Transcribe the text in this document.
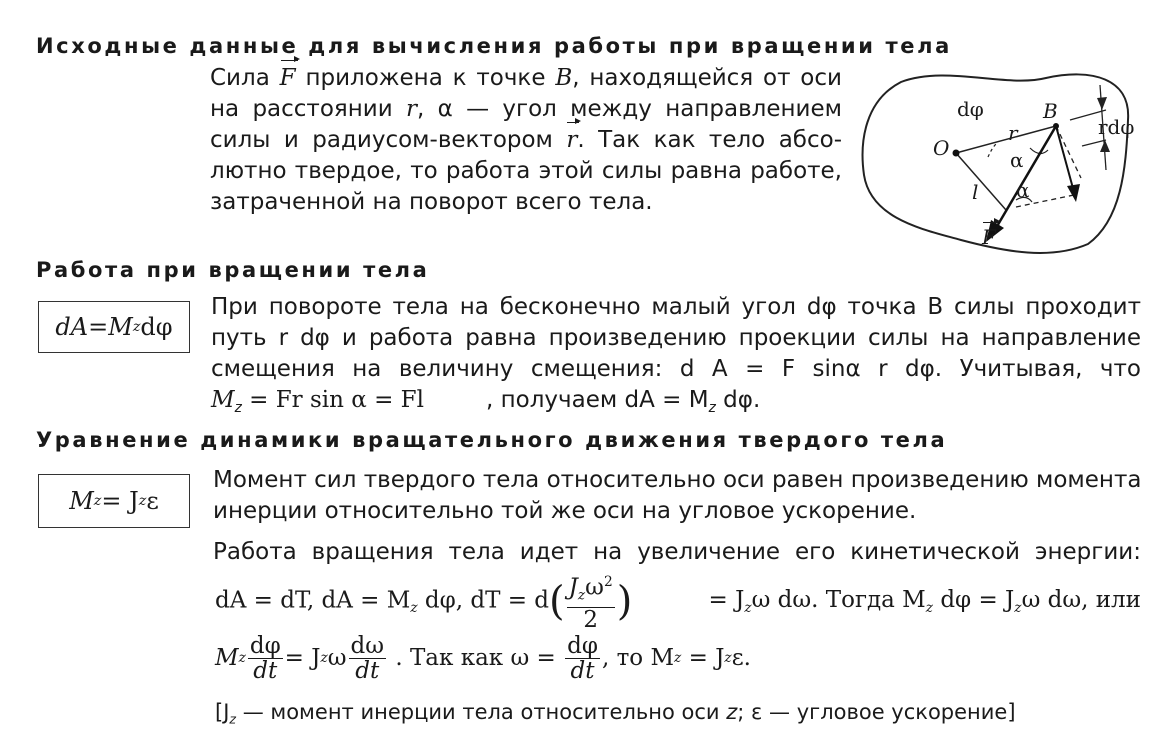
Исходные данные для вычисления работы при вращении тела
Сила F приложена к точке B, находящейся от оси
на расстоянии r, α — угол между направлением
силы и радиусом-вектором r. Так как тело абсо-
лютно твердое, то работа этой силы равна работе,
затраченной на поворот всего тела.
dφ
O
r
B
rdφ
α
α
l
F
Работа при вращении тела
dA = M z dφ
При повороте тела на бесконечно малый угол dφ точка B силы проходит
путь r dφ и работа равна произведению проекции силы на направление
смещения на величину смещения: d A = F sinα r dφ. Учитывая, что
$M_z = Fr$ sin α = Fl	, получаем dA = $M_z$ dφ.
Уравнение динамики вращательного движения твердого тела
M z = J z ε
Момент сил твердого тела относительно оси равен произведению момента
инерции относительно той же оси на угловое ускорение.
Работа вращения тела идет на увеличение его кинетической энергии:
dA = dT, dA = $M_z$ dφ, dT = $d( \frac{J_z\omega^2}{2}$ )	= $J_z\omega$ dω. Тогда $M_z$ $d\varphi = J_z\omega$ dω, или
M z $\frac{d\varphi}{dt} = J$ z ω $\frac{d\omega}{dt}$ . Так как $\omega = \frac{d\varphi}{dt}$ , то M z = J z ε.
[$J_z$ — момент инерции тела относительно оси z; ε — угловое ускорение]
